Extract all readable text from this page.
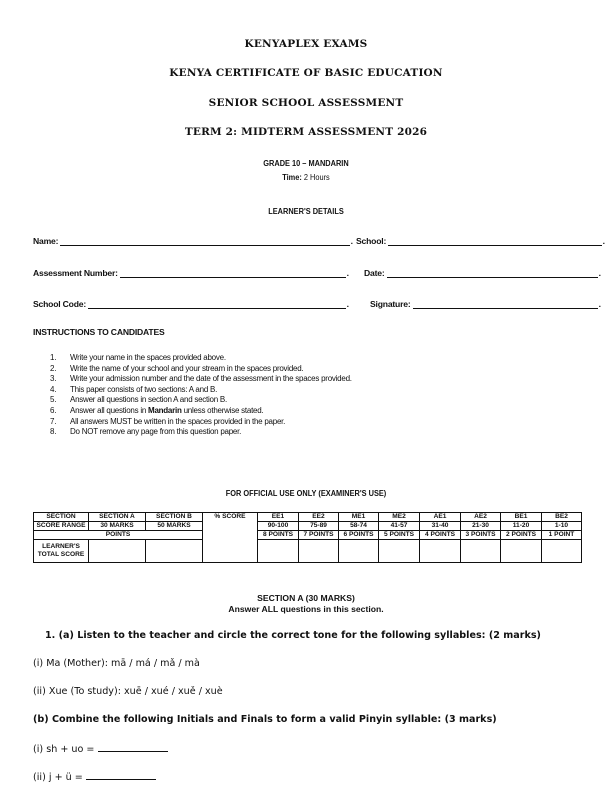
KENYAPLEX EXAMS
KENYA CERTIFICATE OF BASIC EDUCATION
SENIOR SCHOOL ASSESSMENT
TERM 2: MIDTERM ASSESSMENT 2026
GRADE 10 – MANDARIN
Time: 2 Hours
LEARNER'S DETAILS
Name:	. School:	.
Assessment Number:	. Date:	.
School Code:	. Signature:	.
INSTRUCTIONS TO CANDIDATES
1. Write your name in the spaces provided above.
2. Write the name of your school and your stream in the spaces provided.
3. Write your admission number and the date of the assessment in the spaces provided.
4. This paper consists of two sections: A and B.
5. Answer all questions in section A and section B.
6. Answer all questions in Mandarin unless otherwise stated.
7. All answers MUST be written in the spaces provided in the paper.
8. Do NOT remove any page from this question paper.
FOR OFFICIAL USE ONLY (EXAMINER'S USE)
SECTION	SECTION A	SECTION B	% SCORE	EE1	EE2	ME1	ME2	AE1	AE2	BE1	BE2
SCORE RANGE	30 MARKS	50 MARKS		90-100	75-89	58-74	41-57	31-40	21-30	11-20	1-10
POINTS				8 POINTS	7 POINTS	6 POINTS	5 POINTS	4 POINTS	3 POINTS	2 POINTS	1 POINT
LEARNER'S
TOTAL SCORE											
SECTION A (30 MARKS)
Answer ALL questions in this section.
1. (a) Listen to the teacher and circle the correct tone for the following syllables: (2 marks)
(i) Ma (Mother): mā / má / mǎ / mà
(ii) Xue (To study): xuē / xué / xuě / xuè
(b) Combine the following Initials and Finals to form a valid Pinyin syllable: (3 marks)
(i) sh + uo =
(ii) j + ü =
